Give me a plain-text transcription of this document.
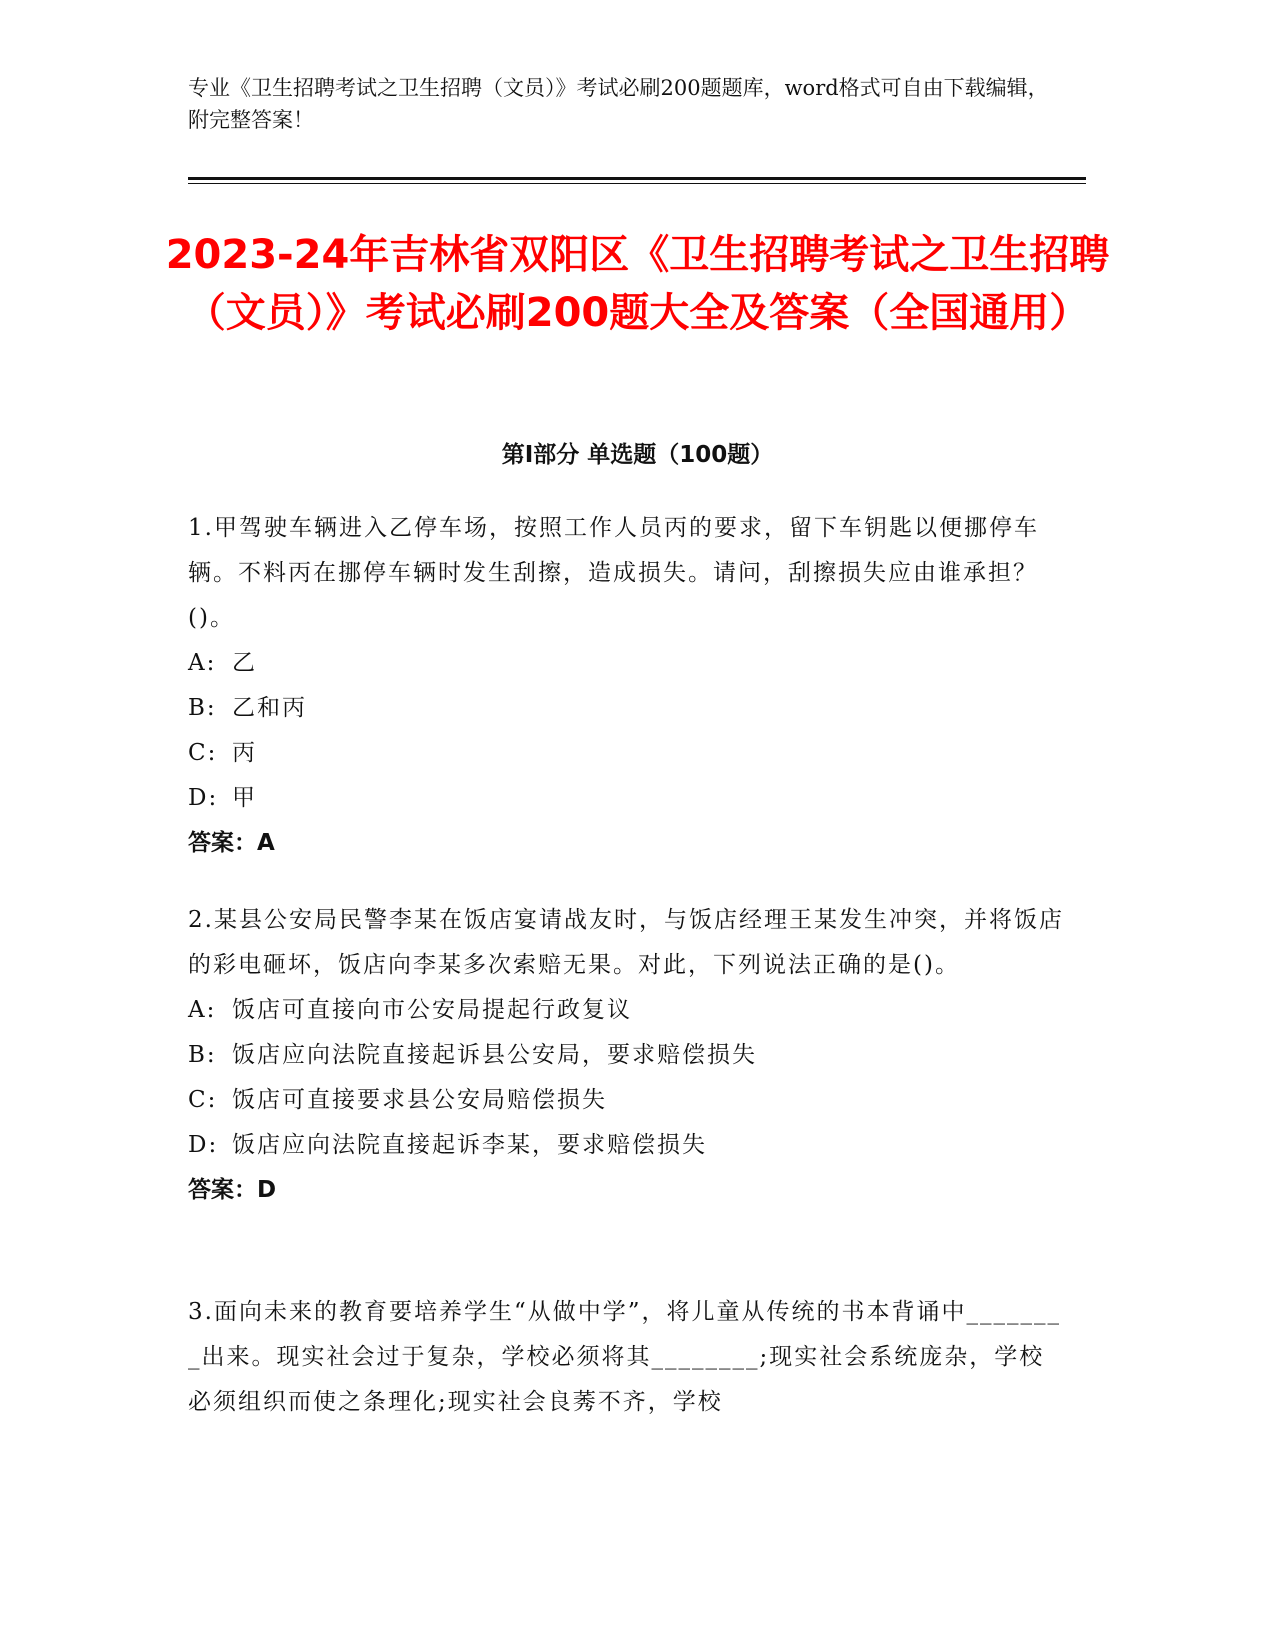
专业《卫生招聘考试之卫生招聘（文员）》考试必刷200题题库，word格式可自由下载编辑，附完整答案！

2023-24年吉林省双阳区《卫生招聘考试之卫生招聘（文员）》考试必刷200题大全及答案（全国通用）
第I部分 单选题（100题）

1.甲驾驶车辆进入乙停车场，按照工作人员丙的要求，留下车钥匙以便挪停车辆。不料丙在挪停车辆时发生刮擦，造成损失。请问，刮擦损失应由谁承担？()。

A: 乙
B: 乙和丙
C: 丙
D: 甲

答案：A

2.某县公安局民警李某在饭店宴请战友时，与饭店经理王某发生冲突，并将饭店的彩电砸坏，饭店向李某多次索赔无果。对此，下列说法正确的是()。

A: 饭店可直接向市公安局提起行政复议
B: 饭店应向法院直接起诉县公安局，要求赔偿损失
C: 饭店可直接要求县公安局赔偿损失
D: 饭店应向法院直接起诉李某，要求赔偿损失

答案：D

3.面向未来的教育要培养学生“从做中学”，将儿童从传统的书本背诵中________出来。现实社会过于复杂，学校必须将其________;现实社会系统庞杂，学校必须组织而使之条理化;现实社会良莠不齐，学校
